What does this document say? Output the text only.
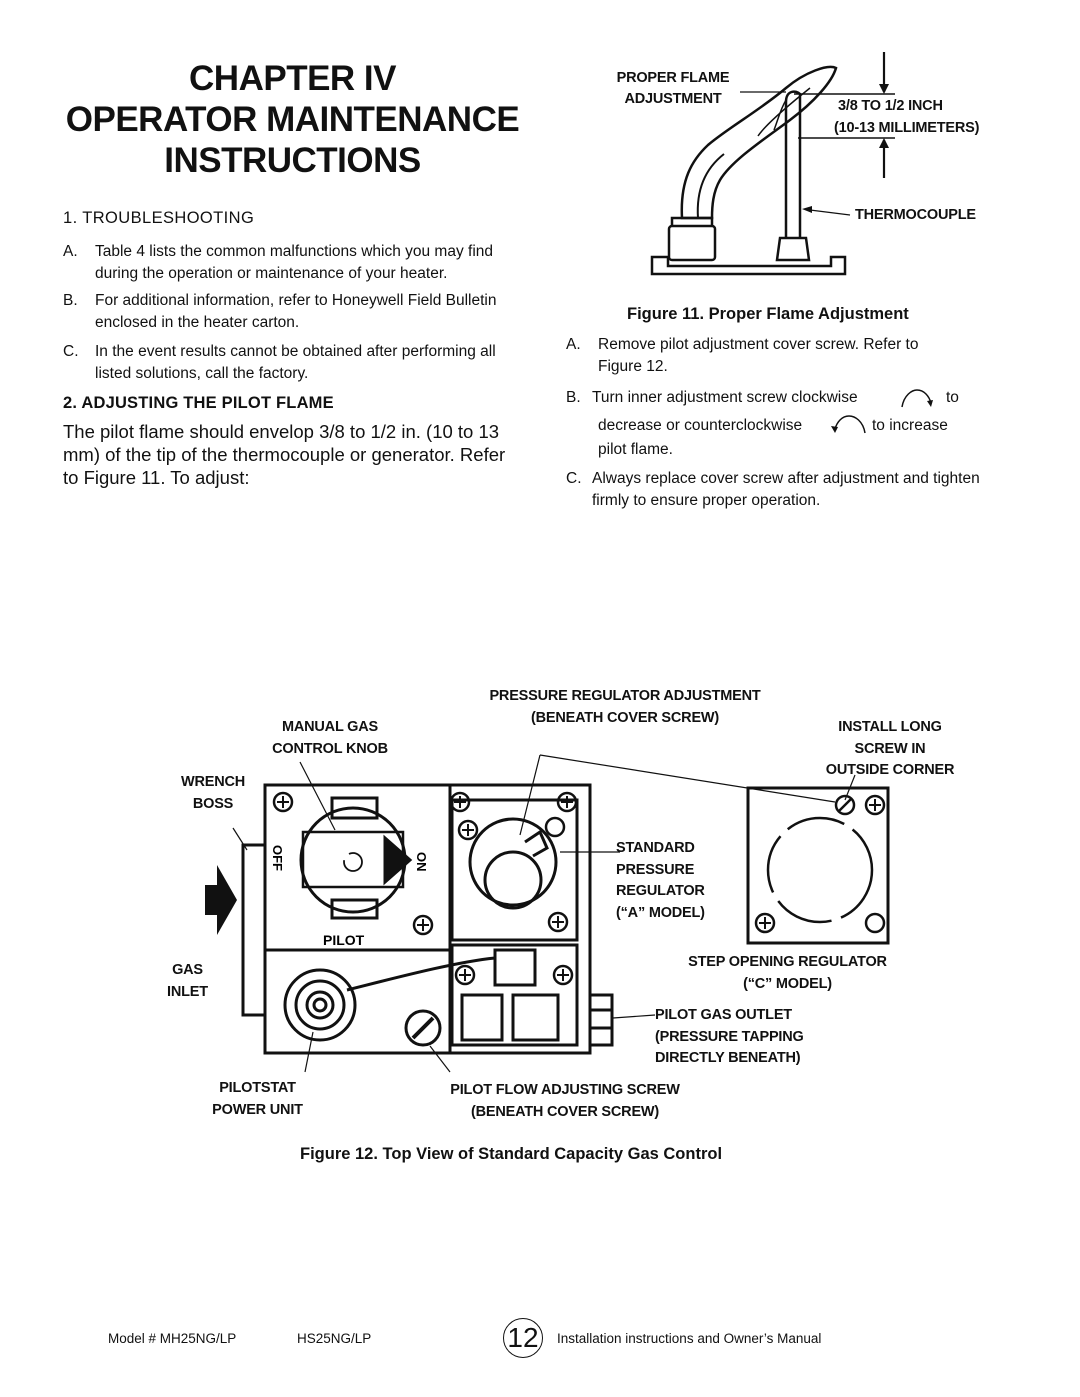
CHAPTER IV
OPERATOR MAINTENANCE
INSTRUCTIONS
1. TROUBLESHOOTING
A. Table 4 lists the common malfunctions which you may find during the operation or maintenance of your heater.
B. For additional information, refer to Honeywell Field Bulletin enclosed in the heater carton.
C. In the event results cannot be obtained after performing all listed solutions, call the factory.
2. ADJUSTING THE PILOT FLAME
The pilot flame should envelop 3/8 to 1/2 in. (10 to 13 mm) of the tip of the thermocouple or generator. Refer to Figure 11. To adjust:
PROPER FLAME
ADJUSTMENT	3/8 TO 1/2 INCH
(10-13 MILLIMETERS)
THERMOCOUPLE
Figure 11. Proper Flame Adjustment
A. Remove pilot adjustment cover screw. Refer to Figure 12.
B. Turn inner adjustment screw clockwise	to
decrease or counterclockwise	to increase
pilot flame.
C. Always replace cover screw after adjustment and tighten firmly to ensure proper operation.
OFF	ON
PILOT
PRESSURE REGULATOR ADJUSTMENT
(BENEATH COVER SCREW)
MANUAL GAS
CONTROL KNOB
INSTALL LONG
SCREW IN
OUTSIDE CORNER
WRENCH
BOSS
STANDARD
PRESSURE
REGULATOR
(“A” MODEL)
GAS
INLET
STEP OPENING REGULATOR
(“C” MODEL)
PILOT GAS OUTLET
(PRESSURE TAPPING
DIRECTLY BENEATH)
PILOTSTAT
POWER UNIT
PILOT FLOW ADJUSTING SCREW
(BENEATH COVER SCREW)
Figure 12. Top View of Standard Capacity Gas Control
Model # MH25NG/LP	HS25NG/LP	12	Installation instructions and Owner’s Manual
